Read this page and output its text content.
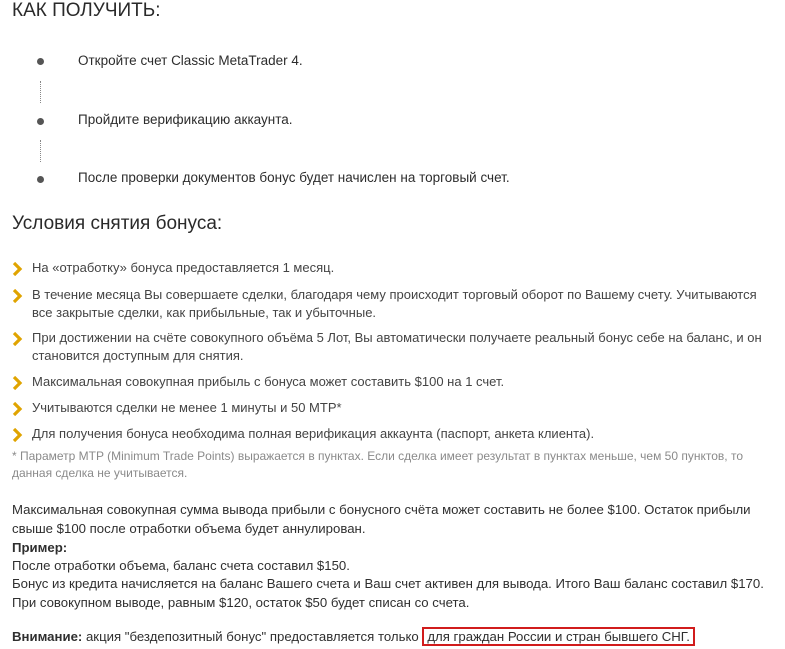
КАК ПОЛУЧИТЬ:
Откройте счет Classic MetaTrader 4.
Пройдите верификацию аккаунта.
После проверки документов бонус будет начислен на торговый счет.
Условия снятия бонуса:
На «отработку» бонуса предоставляется 1 месяц.
В течение месяца Вы совершаете сделки, благодаря чему происходит торговый оборот по Вашему счету. Учитываются все закрытые сделки, как прибыльные, так и убыточные.
При достижении на счёте совокупного объёма 5 Лот, Вы автоматически получаете реальный бонус себе на баланс, и он становится доступным для снятия.
Максимальная совокупная прибыль с бонуса может составить $100 на 1 счет.
Учитываются сделки не менее 1 минуты и 50 MTP*
Для получения бонуса необходима полная верификация аккаунта (паспорт, анкета клиента).
* Параметр MTP (Minimum Trade Points) выражается в пунктах. Если сделка имеет результат в пунктах меньше, чем 50 пунктов, то данная сделка не учитывается.
Максимальная совокупная сумма вывода прибыли с бонусного счёта может составить не более $100. Остаток прибыли свыше $100 после отработки объема будет аннулирован.
Пример:
После отработки объема, баланс счета составил $150.
Бонус из кредита начисляется на баланс Вашего счета и Ваш счет активен для вывода. Итого Ваш баланс составил $170.
При совокупном выводе, равным $120, остаток $50 будет списан со счета.
Внимание: акция "бездепозитный бонус" предоставляется только для граждан России и стран бывшего СНГ.
